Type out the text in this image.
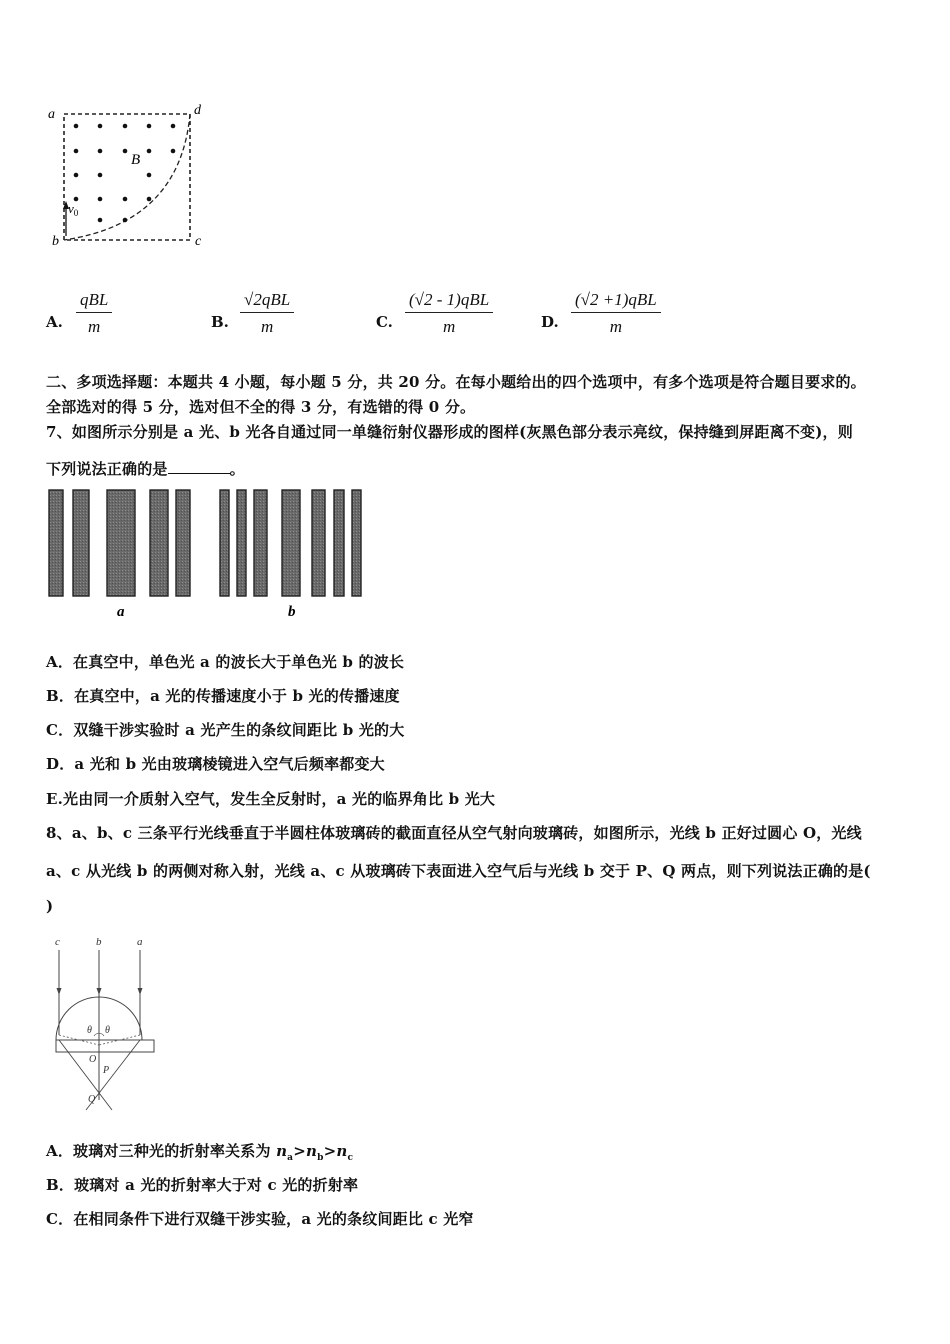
a	d
b	c
B
$v_0$
A.
qBL
m	B.
√2qBL
m	C.
(√2 - 1)qBL
m	D.
(√2 +1)qBL
m
二、多项选择题：本题共 4 小题，每小题 5 分，共 20 分。在每小题给出的四个选项中，有多个选项是符合题目要求的。
全部选对的得 5 分，选对但不全的得 3 分，有选错的得 0 分。
7、如图所示分别是 a 光、b 光各自通过同一单缝衍射仪器形成的图样(灰黑色部分表示亮纹，保持缝到屏距离不变)，则
下列说法正确的是	。
a	b
A．在真空中，单色光 a 的波长大于单色光 b 的波长
B．在真空中，a 光的传播速度小于 b 光的传播速度
C．双缝干涉实验时 a 光产生的条纹间距比 b 光的大
D．a 光和 b 光由玻璃棱镜进入空气后频率都变大
E.光由同一介质射入空气，发生全反射时，a 光的临界角比 b 光大
8、a、b、c 三条平行光线垂直于半圆柱体玻璃砖的截面直径从空气射向玻璃砖，如图所示，光线 b 正好过圆心 O，光线
a、c 从光线 b 的两侧对称入射，光线 a、c 从玻璃砖下表面进入空气后与光线 b 交于 P、Q 两点，则下列说法正确的是(
)
c	b	a
θ θ
O
P
Q
A．玻璃对三种光的折射率关系为 $n_a>n_b>n_c$
B．玻璃对 a 光的折射率大于对 c 光的折射率
C．在相同条件下进行双缝干涉实验，a 光的条纹间距比 c 光窄
